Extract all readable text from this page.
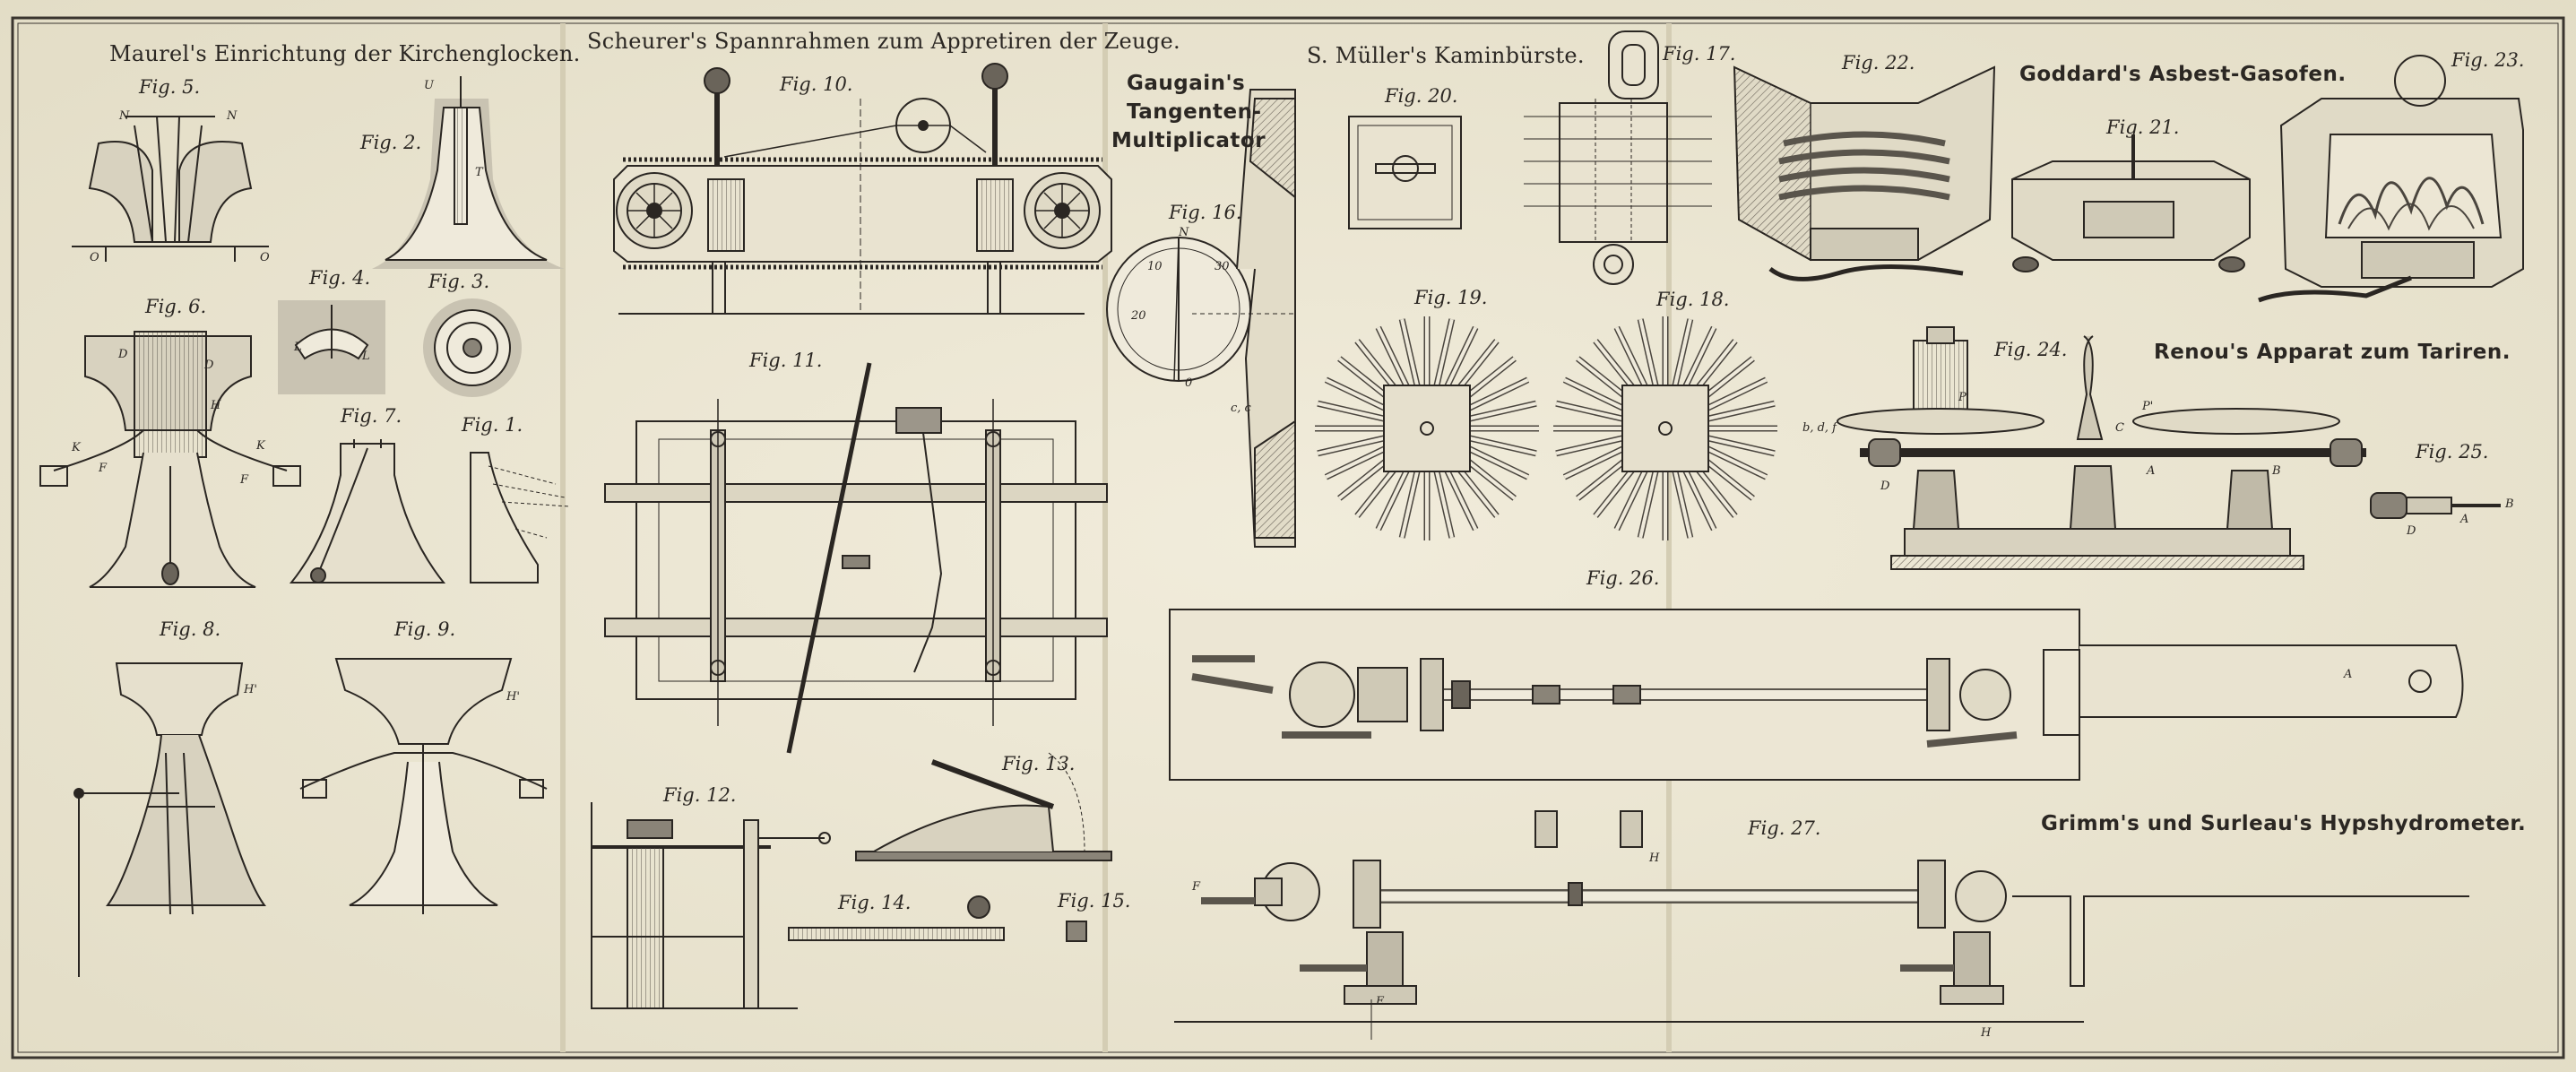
Maurel's Einrichtung der Kirchenglocken. Scheurer's Spannrahmen zum Appretiren der Zeuge.
Gaugain's
Tangenten-
Multiplicator
S. Müller's Kaminbürste.
Goddard's Asbest-Gasofen.
Renou's Apparat zum Tariren.
Grimm's und Surleau's Hypshydrometer.
Fig. 5.
Fig. 2.
Fig. 4.	Fig. 3.
Fig. 6.
Fig. 7.	Fig. 1.
Fig. 8.	Fig. 9.
Fig. 10.
Fig. 11.
Fig. 12.
Fig. 13.
Fig. 14.	Fig. 15.
Fig. 16.
Fig. 20.
Fig. 17.
Fig. 19.	Fig. 18.
Fig. 22.
Fig. 21.
Fig. 23.
Fig. 24.
Fig. 25.
Fig. 26.
Fig. 27.
N	N
O	O
U
T
D
D
H
K	K
F
F
L
L
H'
H'
N
0
10
20
30
c, c
b, d, f
P'
P'
C
A
D
B
B
A
D
F
H
H
E
A
